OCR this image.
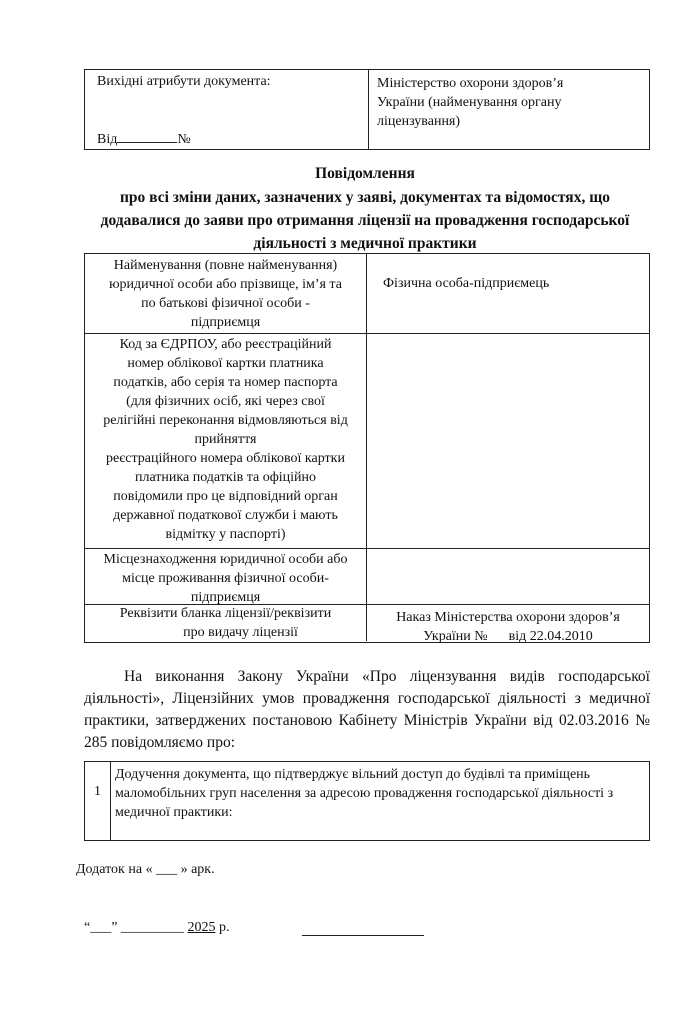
Вихідні атрибути документа:
Від	№
Міністерство охорони здоров’я
України (найменування органу
ліцензування)
Повідомлення
про всі зміни даних, зазначених у заяві, документах та відомостях, що
додавалися до заяви про отримання ліцензії на провадження господарської
діяльності з медичної практики
Найменування (повне найменування)
юридичної особи або прізвище, ім’я та
по батькові фізичної особи -
підприємця
Фізична особа-підприємець
Код за ЄДРПОУ, або реєстраційний
номер облікової картки платника
податків, або серія та номер паспорта
(для фізичних осіб, які через свої
релігійні переконання відмовляються від
прийняття
реєстраційного номера облікової картки
платника податків та офіційно
повідомили про це відповідний орган
державної податкової служби і мають
відмітку у паспорті)
Місцезнаходження юридичної особи або
місце проживання фізичної особи-
підприємця
Реквізити бланка ліцензії/реквізити
про видачу ліцензії
Наказ Міністерства охорони здоров’я
України №      від 22.04.2010
На виконання Закону України «Про ліцензування видів господарської діяльності», Ліцензійних умов провадження господарської діяльності з медичної практики, затверджених постановою Кабінету Міністрів України від 02.03.2016 № 285 повідомляємо про:
1
Додучення документа, що підтверджує вільний доступ до будівлі та приміщень
маломобільних груп населення за адресою провадження господарської діяльності з
медичної практики:
Додаток на « ___ » арк.
“___” _________ 2025 р.
